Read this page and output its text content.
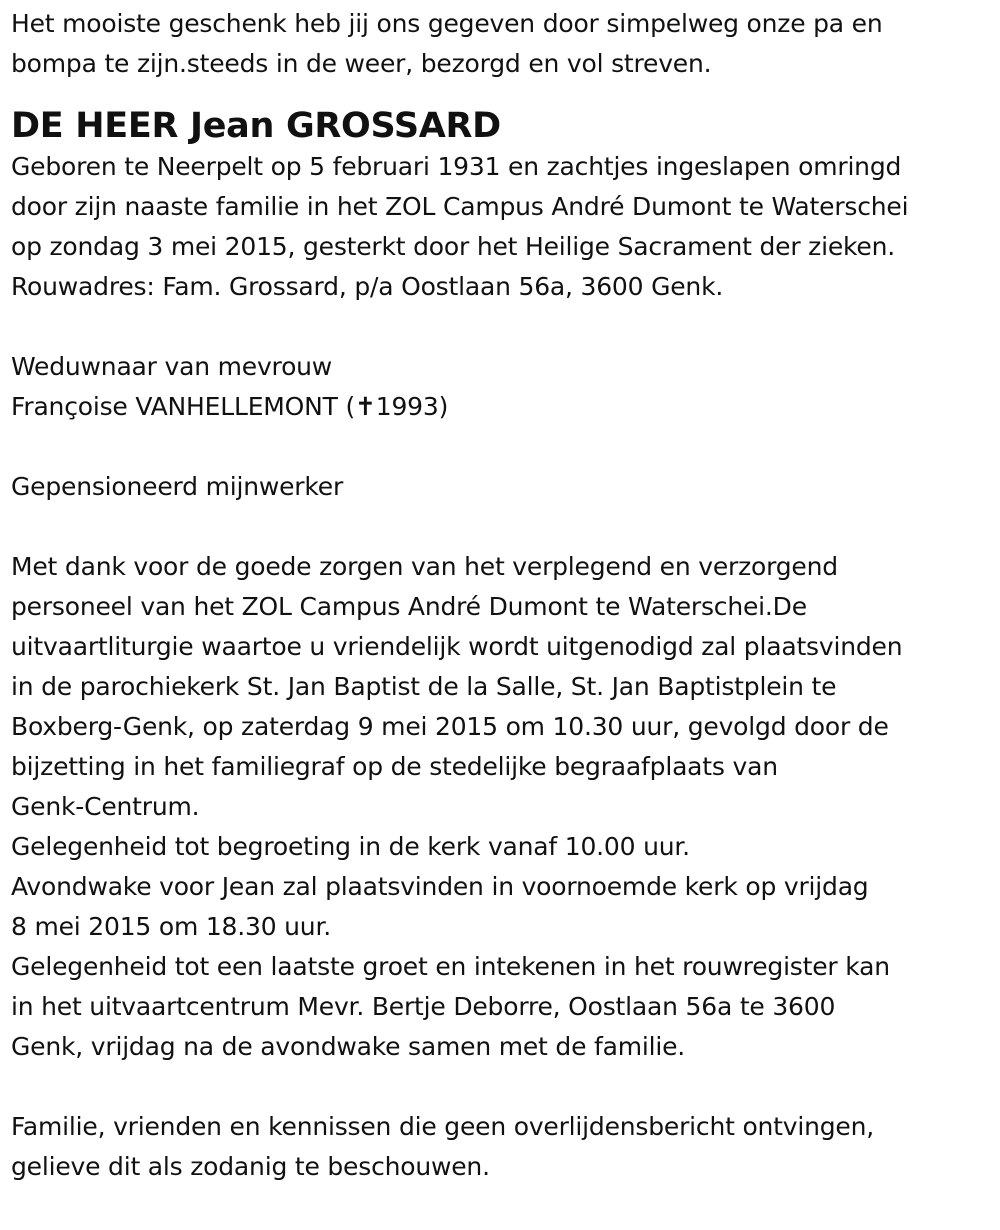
Het mooiste geschenk heb jij ons gegeven door simpelweg onze pa en

bompa te zijn.steeds in de weer, bezorgd en vol streven.

DE HEER Jean GROSSARD

Geboren te Neerpelt op 5 februari 1931 en zachtjes ingeslapen omringd

door zijn naaste familie in het ZOL Campus André Dumont te Waterschei

op zondag 3 mei 2015, gesterkt door het Heilige Sacrament der zieken.

Rouwadres: Fam. Grossard, p/a Oostlaan 56a, 3600 Genk.

Weduwnaar van mevrouw

Françoise VANHELLEMONT (✝1993)

Gepensioneerd mijnwerker

Met dank voor de goede zorgen van het verplegend en verzorgend

personeel van het ZOL Campus André Dumont te Waterschei.De

uitvaartliturgie waartoe u vriendelijk wordt uitgenodigd zal plaatsvinden

in de parochiekerk St. Jan Baptist de la Salle, St. Jan Baptistplein te

Boxberg-Genk, op zaterdag 9 mei 2015 om 10.30 uur, gevolgd door de

bijzetting in het familiegraf op de stedelijke begraafplaats van

Genk-Centrum.

Gelegenheid tot begroeting in de kerk vanaf 10.00 uur.

Avondwake voor Jean zal plaatsvinden in voornoemde kerk op vrijdag

8 mei 2015 om 18.30 uur.

Gelegenheid tot een laatste groet en intekenen in het rouwregister kan

in het uitvaartcentrum Mevr. Bertje Deborre, Oostlaan 56a te 3600

Genk, vrijdag na de avondwake samen met de familie.

Familie, vrienden en kennissen die geen overlijdensbericht ontvingen,

gelieve dit als zodanig te beschouwen.
